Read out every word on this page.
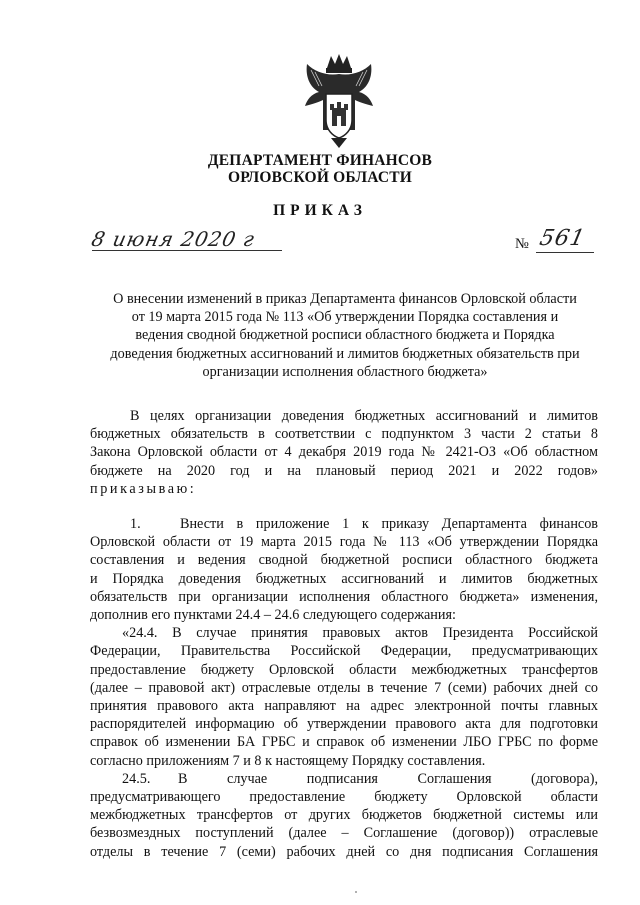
ДЕПАРТАМЕНТ ФИНАНСОВ
ОРЛОВСКОЙ ОБЛАСТИ
ПРИКАЗ
8 июня 2020 г	№ 561
О внесении изменений в приказ Департамента финансов Орловской области
от 19 марта 2015 года № 113 «Об утверждении Порядка составления и
ведения сводной бюджетной росписи областного бюджета и Порядка
доведения бюджетных ассигнований и лимитов бюджетных обязательств при
организации исполнения областного бюджета»
В целях организации доведения бюджетных ассигнований и лимитов
бюджетных обязательств в соответствии с подпунктом 3 части 2 статьи 8
Закона Орловской области от 4 декабря 2019 года № 2421-ОЗ «Об областном
бюджете на 2020 год и на плановый период 2021 и 2022 годов»
приказываю:
1.	Внести в приложение 1 к приказу Департамента финансов
Орловской области от 19 марта 2015 года № 113 «Об утверждении Порядка
составления и ведения сводной бюджетной росписи областного бюджета
и Порядка доведения бюджетных ассигнований и лимитов бюджетных
обязательств при организации исполнения областного бюджета» изменения,
дополнив его пунктами 24.4 – 24.6 следующего содержания:
«24.4. В случае принятия правовых актов Президента Российской
Федерации, Правительства Российской Федерации, предусматривающих
предоставление бюджету Орловской области межбюджетных трансфертов
(далее – правовой акт) отраслевые отделы в течение 7 (семи) рабочих дней со
принятия правового акта направляют на адрес электронной почты главных
распорядителей информацию об утверждении правового акта для подготовки
справок об изменении БА ГРБС и справок об изменении ЛБО ГРБС по форме
согласно приложениям 7 и 8 к настоящему Порядку составления.
24.5. В случае подписания Соглашения (договора),
предусматривающего предоставление бюджету Орловской области
межбюджетных трансфертов от других бюджетов бюджетной системы или
безвозмездных поступлений (далее – Соглашение (договор)) отраслевые
отделы в течение 7 (семи) рабочих дней со дня подписания Соглашения
